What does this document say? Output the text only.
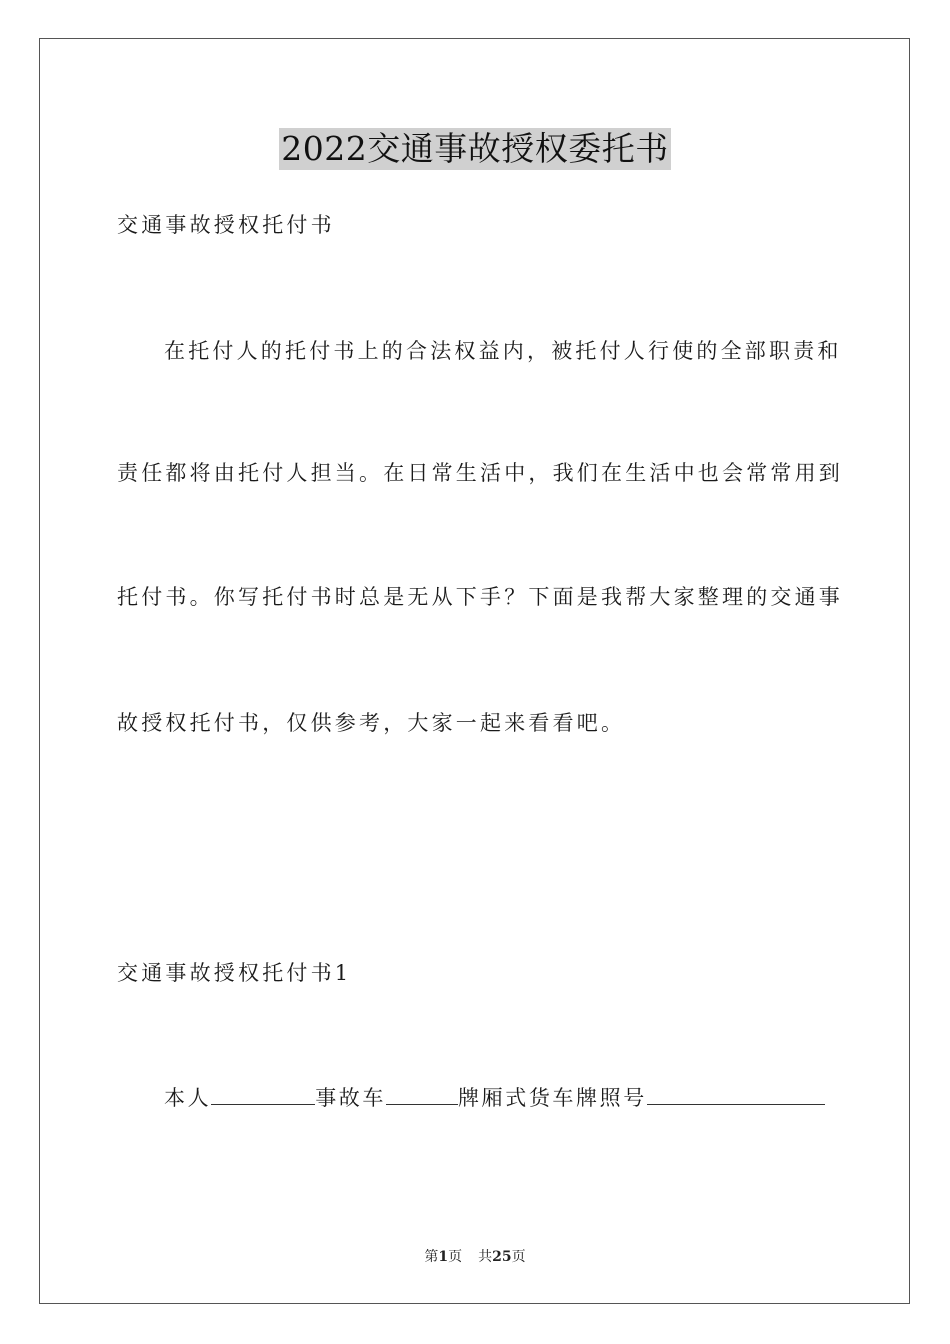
2022交通事故授权委托书
交通事故授权托付书
在托付人的托付书上的合法权益内，被托付人行使的全部职责和
责任都将由托付人担当。在日常生活中，我们在生活中也会常常用到
托付书。你写托付书时总是无从下手？下面是我帮大家整理的交通事
故授权托付书，仅供参考，大家一起来看看吧。
交通事故授权托付书1
本人	事故车	牌厢式货车牌照号
第1页 共25页
